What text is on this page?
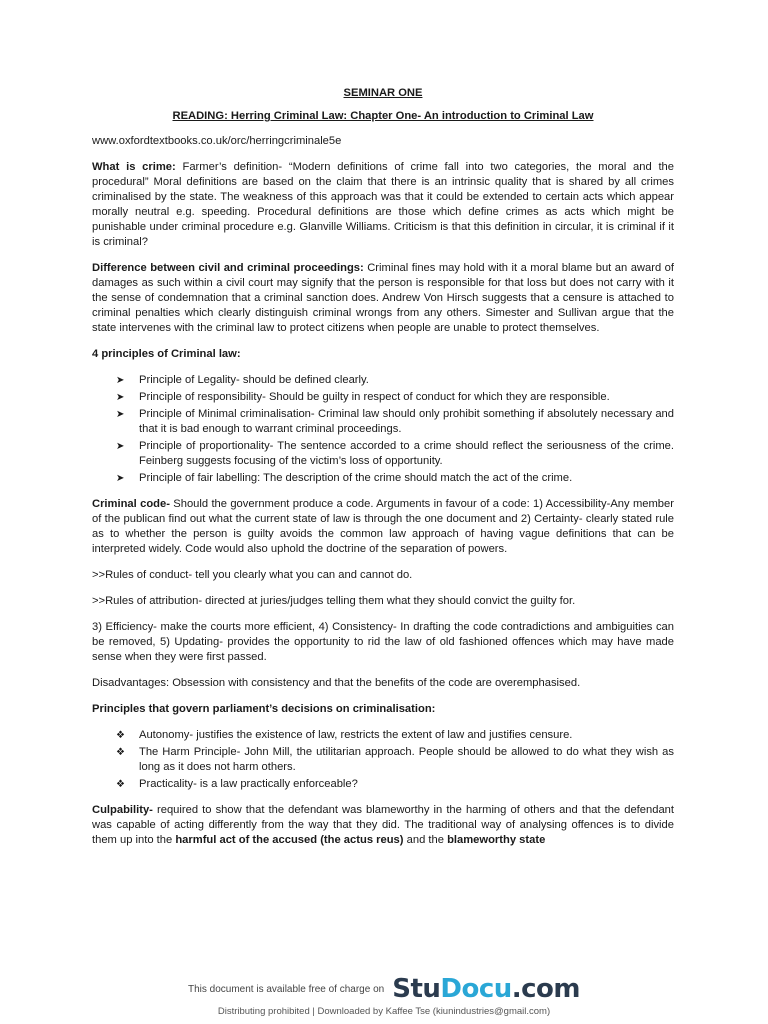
SEMINAR ONE
READING: Herring Criminal Law: Chapter One- An introduction to Criminal Law

www.oxfordtextbooks.co.uk/orc/herringcriminale5e

What is crime: Farmer’s definition- “Modern definitions of crime fall into two categories, the moral and the procedural” Moral definitions are based on the claim that there is an intrinsic quality that is shared by all crimes criminalised by the state. The weakness of this approach was that it could be extended to certain acts which appear morally neutral e.g. speeding. Procedural definitions are those which define crimes as acts which might be punishable under criminal procedure e.g. Glanville Williams. Criticism is that this definition in circular, it is criminal if it is criminal?

Difference between civil and criminal proceedings: Criminal fines may hold with it a moral blame but an award of damages as such within a civil court may signify that the person is responsible for that loss but does not carry with it the sense of condemnation that a criminal sanction does. Andrew Von Hirsch suggests that a censure is attached to criminal penalties which clearly distinguish criminal wrongs from any others. Simester and Sullivan argue that the state intervenes with the criminal law to protect citizens when people are unable to protect themselves.

4 principles of Criminal law:

➤ Principle of Legality- should be defined clearly.
➤ Principle of responsibility- Should be guilty in respect of conduct for which they are responsible.
➤ Principle of Minimal criminalisation- Criminal law should only prohibit something if absolutely necessary and that it is bad enough to warrant criminal proceedings.
➤ Principle of proportionality- The sentence accorded to a crime should reflect the seriousness of the crime. Feinberg suggests focusing of the victim’s loss of opportunity.
➤ Principle of fair labelling: The description of the crime should match the act of the crime.

Criminal code- Should the government produce a code. Arguments in favour of a code: 1) Accessibility-Any member of the publican find out what the current state of law is through the one document and 2) Certainty- clearly stated rule as to whether the person is guilty avoids the common law approach of having vague definitions that can be interpreted widely. Code would also uphold the doctrine of the separation of powers.

>>Rules of conduct- tell you clearly what you can and cannot do.

>>Rules of attribution- directed at juries/judges telling them what they should convict the guilty for.

3) Efficiency- make the courts more efficient, 4) Consistency- In drafting the code contradictions and ambiguities can be removed, 5) Updating- provides the opportunity to rid the law of old fashioned offences which may have made sense when they were first passed.

Disadvantages: Obsession with consistency and that the benefits of the code are overemphasised.

Principles that govern parliament’s decisions on criminalisation:

❖ Autonomy- justifies the existence of law, restricts the extent of law and justifies censure.
❖ The Harm Principle- John Mill, the utilitarian approach. People should be allowed to do what they wish as long as it does not harm others.
❖ Practicality- is a law practically enforceable?

Culpability- required to show that the defendant was blameworthy in the harming of others and that the defendant was capable of acting differently from the way that they did. The traditional way of analysing offences is to divide them up into the harmful act of the accused (the actus reus) and the blameworthy state

This document is available free of charge on StuDocu.com
Distributing prohibited | Downloaded by Kaffee Tse (kiunindustries@gmail.com)
